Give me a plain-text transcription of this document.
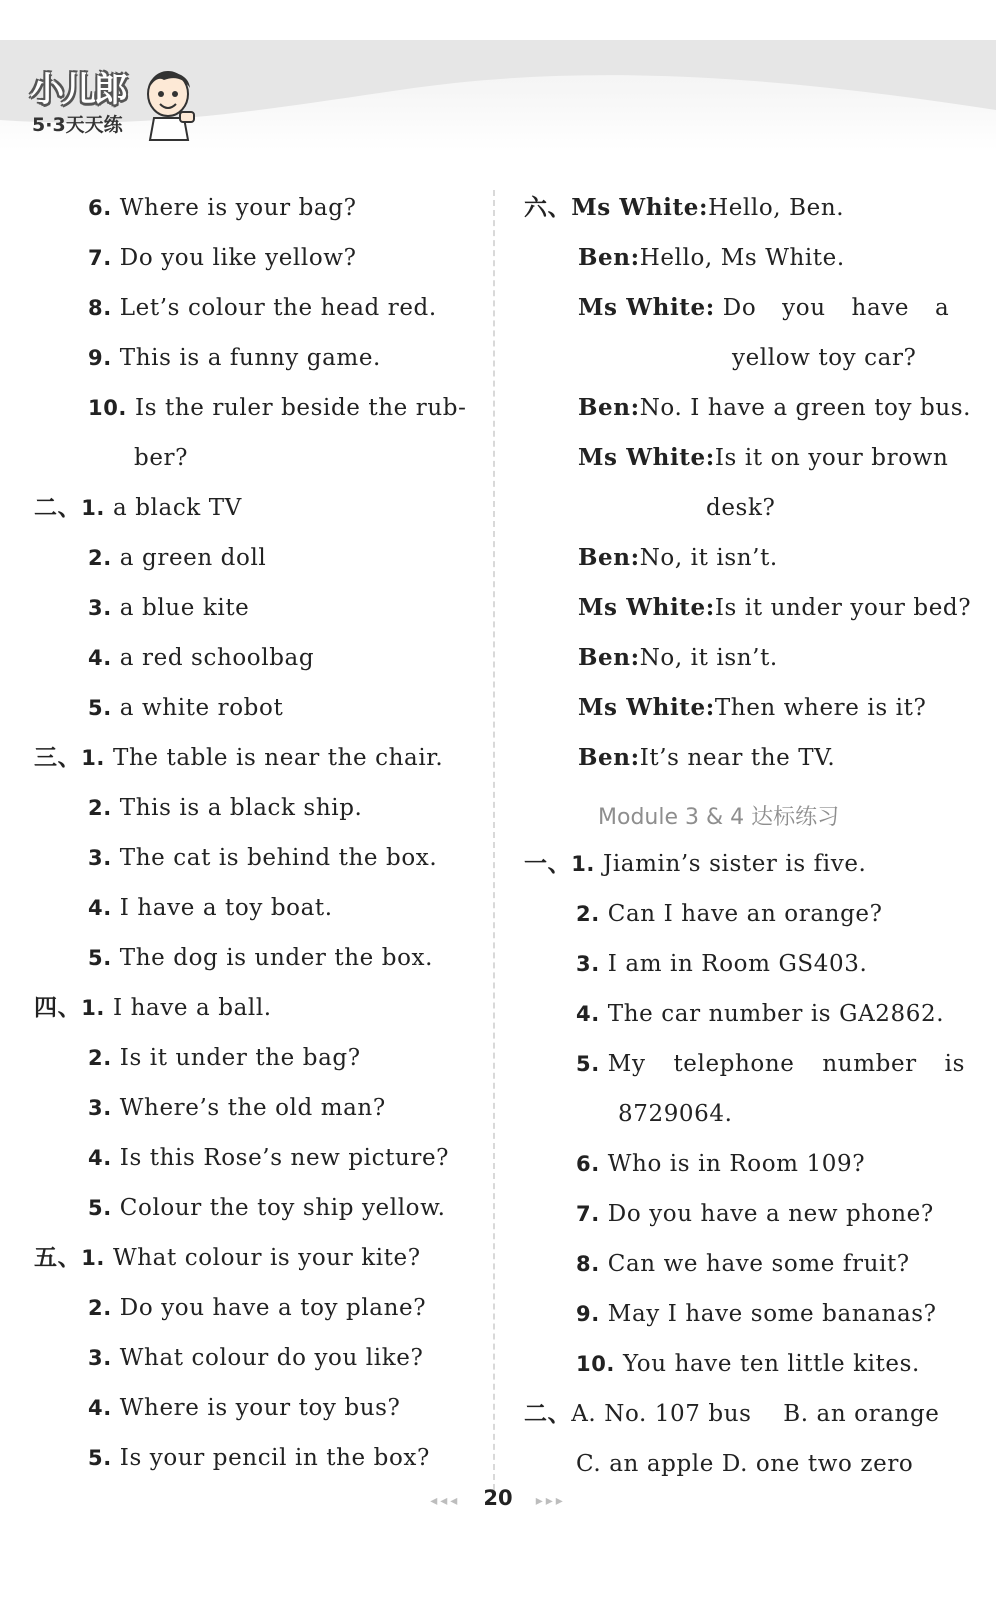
小儿郎
5·3天天练
6. Where is your bag?
7. Do you like yellow?
8. Let’s colour the head red.
9. This is a funny game.
10. Is the ruler beside the rub-
ber?
二、1. a black TV
2. a green doll
3. a blue kite
4. a red schoolbag
5. a white robot
三、1. The table is near the chair.
2. This is a black ship.
3. The cat is behind the box.
4. I have a toy boat.
5. The dog is under the box.
四、1. I have a ball.
2. Is it under the bag?
3. Where’s the old man?
4. Is this Rose’s new picture?
5. Colour the toy ship yellow.
五、1. What colour is your kite?
2. Do you have a toy plane?
3. What colour do you like?
4. Where is your toy bus?
5. Is your pencil in the box?
六、Ms White:Hello, Ben.
Ben:Hello, Ms White.
Ms White: Do you have a
yellow toy car?
Ben:No. I have a green toy bus.
Ms White:Is it on your brown
desk?
Ben:No, it isn’t.
Ms White:Is it under your bed?
Ben:No, it isn’t.
Ms White:Then where is it?
Ben:It’s near the TV.
Module 3 & 4 达标练习
一、1. Jiamin’s sister is five.
2. Can I have an orange?
3. I am in Room GS403.
4. The car number is GA2862.
5. My telephone number is
8729064.
6. Who is in Room 109?
7. Do you have a new phone?
8. Can we have some fruit?
9. May I have some bananas?
10. You have ten little kites.
二、A. No. 107 bus    B. an orange
C. an apple D. one two zero
◂◂◂ 20 ▸▸▸
